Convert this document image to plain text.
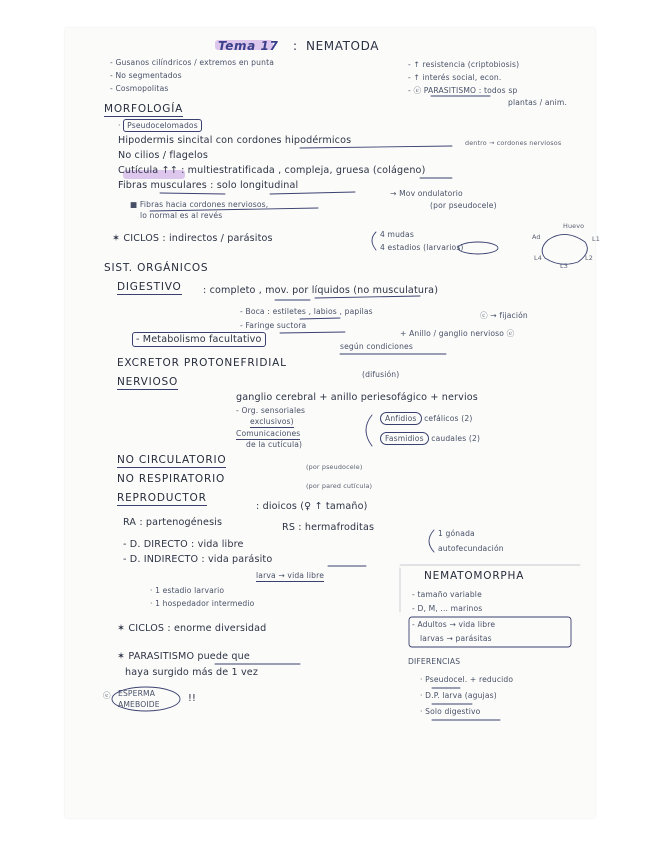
Tema 17 : NEMATODA
- Gusanos cilíndricos / extremos en punta
- No segmentados
- Cosmopolitas
- ↑ resistencia (criptobiosis)
- ↑ interés social, econ.
- ⓔ PARASITISMO : todos sp
plantas / anim.
MORFOLOGÍA
· Pseudocelomados
Hipodermis sincital con cordones hipodérmicos	dentro → cordones nerviosos
No cilios / flagelos
Cutícula ↑↑ : multiestratificada , compleja, gruesa (colágeno)
Fibras musculares : solo longitudinal
→ Mov ondulatorio
(por pseudocele)
■ Fibras hacia cordones nerviosos,
lo normal es al revés
✶ CICLOS : indirectos / parásitos	4 mudas
4 estadios (larvarios)
Huevo
L1
L2
L3
L4
Ad
SIST. ORGÁNICOS
DIGESTIVO : completo , mov. por líquidos (no musculatura)
- Boca : estiletes , labios , papilas	ⓒ → fijación
- Faringe suctora
+ Anillo / ganglio nervioso ⓔ
- Metabolismo facultativo
según condiciones
EXCRETOR PROTONEFRIDIAL
(difusión)
NERVIOSO
ganglio cerebral + anillo periesofágico + nervios
- Org. sensoriales
exclusivos)
Comunicaciones
de la cutícula)
Anfidios cefálicos (2)
Fasmidios caudales (2)
NO CIRCULATORIO
(por pseudocele)
NO RESPIRATORIO
(por pared cutícula)
REPRODUCTOR
: dioicos (♀ ↑ tamaño)
RA : partenogénesis	RS : hermafroditas
1 gónada
autofecundación
- D. DIRECTO : vida libre
- D. INDIRECTO : vida parásito
larva → vida libre
· 1 estadio larvario
· 1 hospedador intermedio
✶ CICLOS : enorme diversidad
✶ PARASITISMO puede que
haya surgido más de 1 vez
ⓔ ESPERMA
AMEBOIDE
!!
NEMATOMORPHA
- tamaño variable
- D, M, ... marinos
- Adultos → vida libre
larvas → parásitas
DIFERENCIAS
· Pseudocel. + reducido
· D.P. larva (agujas)
· Solo digestivo
